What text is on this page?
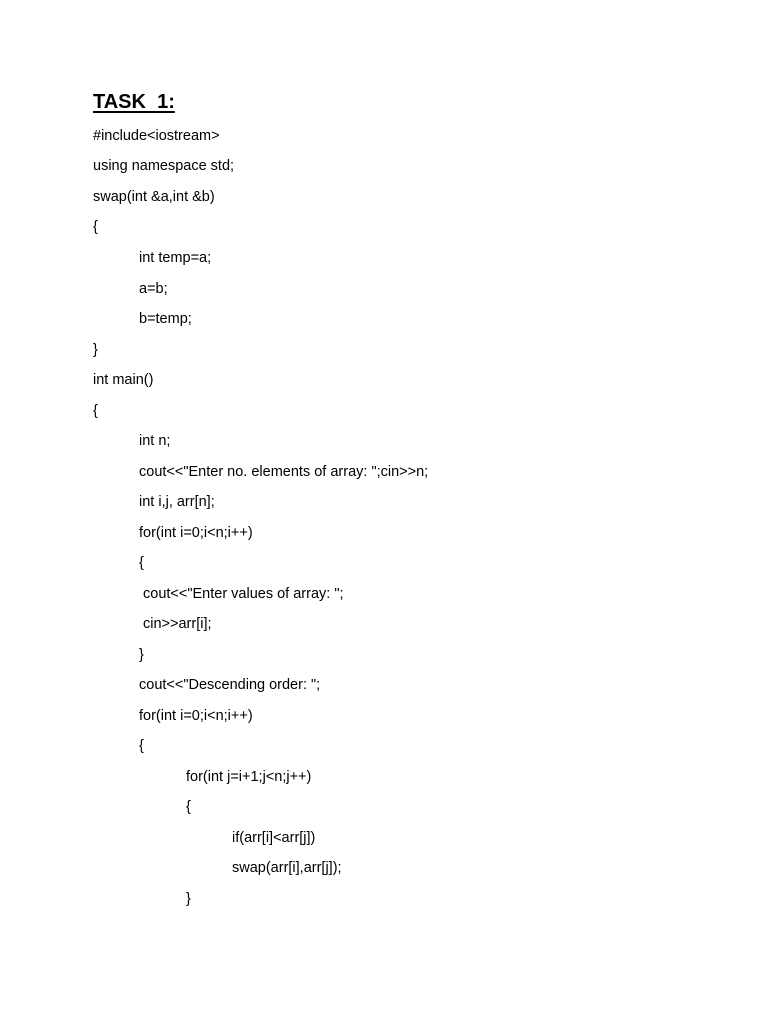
TASK  1:

#include<iostream>

using namespace std;

swap(int &a,int &b)

{

int temp=a;

a=b;

b=temp;

}

int main()

{

int n;

cout<<"Enter no. elements of array: ";cin>>n;

int i,j, arr[n];

for(int i=0;i<n;i++)

{

cout<<"Enter values of array: ";

cin>>arr[i];

}

cout<<"Descending order: ";

for(int i=0;i<n;i++)

{

for(int j=i+1;j<n;j++)

{

if(arr[i]<arr[j])

swap(arr[i],arr[j]);

}
